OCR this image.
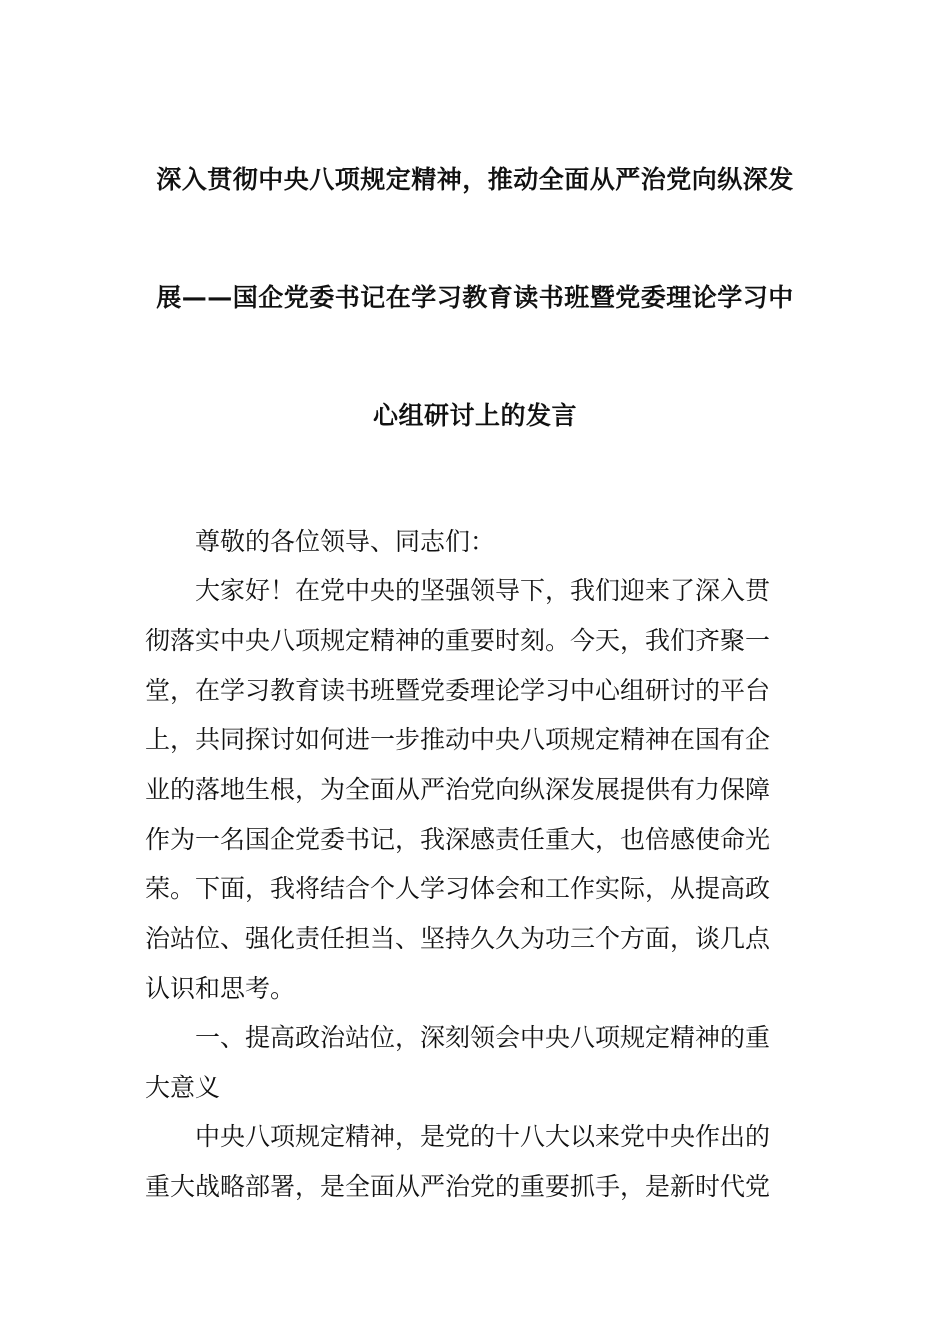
深入贯彻中央八项规定精神，推动全面从严治党向纵深发
展——国企党委书记在学习教育读书班暨党委理论学习中
心组研讨上的发言
尊敬的各位领导、同志们：
大家好！在党中央的坚强领导下，我们迎来了深入贯
彻落实中央八项规定精神的重要时刻。今天，我们齐聚一
堂，在学习教育读书班暨党委理论学习中心组研讨的平台
上，共同探讨如何进一步推动中央八项规定精神在国有企
业的落地生根，为全面从严治党向纵深发展提供有力保障
作为一名国企党委书记，我深感责任重大，也倍感使命光
荣。下面，我将结合个人学习体会和工作实际，从提高政
治站位、强化责任担当、坚持久久为功三个方面，谈几点
认识和思考。
一、提高政治站位，深刻领会中央八项规定精神的重
大意义
中央八项规定精神，是党的十八大以来党中央作出的
重大战略部署，是全面从严治党的重要抓手，是新时代党
